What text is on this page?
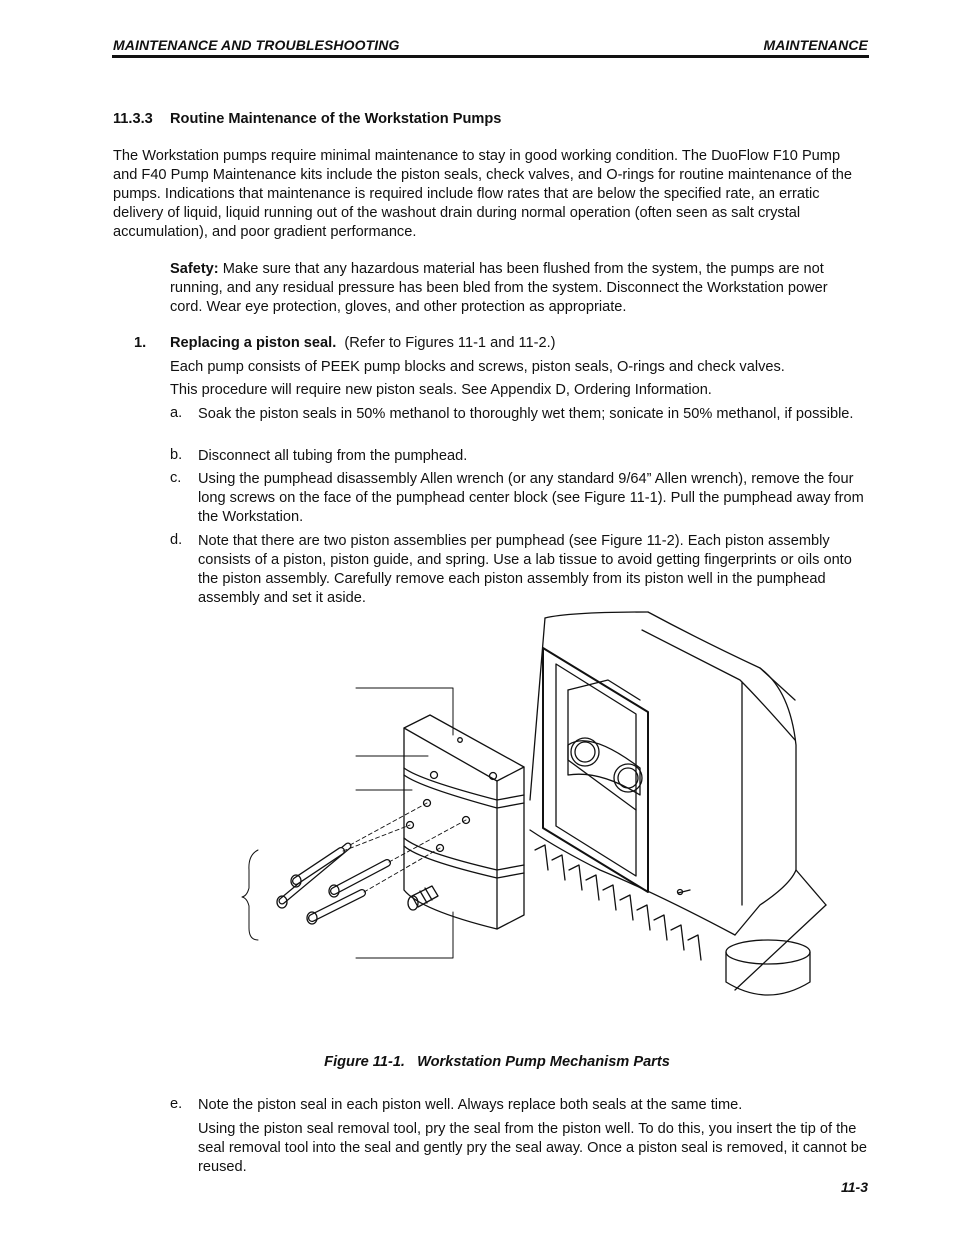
MAINTENANCE AND TROUBLESHOOTING	MAINTENANCE
11.3.3 Routine Maintenance of the Workstation Pumps
The Workstation pumps require minimal maintenance to stay in good working condition. The DuoFlow F10 Pump and F40 Pump Maintenance kits include the piston seals, check valves, and O-rings for routine maintenance of the pumps. Indications that maintenance is required include flow rates that are below the specified rate, an erratic delivery of liquid, liquid running out of the washout drain during normal operation (often seen as salt crystal accumulation), and poor gradient performance.
Safety: Make sure that any hazardous material has been flushed from the system, the pumps are not running, and any residual pressure has been bled from the system. Disconnect the Workstation power cord. Wear eye protection, gloves, and other protection as appropriate.
1. Replacing a piston seal. (Refer to Figures 11-1 and 11-2.)
Each pump consists of PEEK pump blocks and screws, piston seals, O-rings and check valves.
This procedure will require new piston seals. See Appendix D, Ordering Information.
a. Soak the piston seals in 50% methanol to thoroughly wet them; sonicate in 50% methanol, if possible.
b. Disconnect all tubing from the pumphead.
c. Using the pumphead disassembly Allen wrench (or any standard 9/64” Allen wrench), remove the four long screws on the face of the pumphead center block (see Figure 11-1). Pull the pumphead away from the Workstation.
d. Note that there are two piston assemblies per pumphead (see Figure 11-2). Each piston assembly consists of a piston, piston guide, and spring. Use a lab tissue to avoid getting fingerprints or oils onto the piston assembly. Carefully remove each piston assembly from its piston well in the pumphead assembly and set it aside.
Figure 11-1. Workstation Pump Mechanism Parts
e. Note the piston seal in each piston well. Always replace both seals at the same time.
Using the piston seal removal tool, pry the seal from the piston well. To do this, you insert the tip of the seal removal tool into the seal and gently pry the seal away. Once a piston seal is removed, it cannot be reused.
11-3
